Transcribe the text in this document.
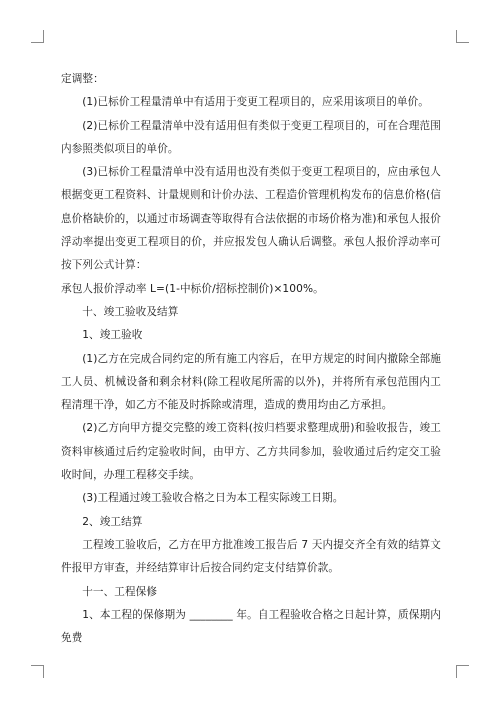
定调整：

(1)已标价工程量清单中有适用于变更工程项目的，应采用该项目的单价。

(2)已标价工程量清单中没有适用但有类似于变更工程项目的，可在合理范围内参照类似项目的单价。

(3)已标价工程量清单中没有适用也没有类似于变更工程项目的，应由承包人根据变更工程资料、计量规则和计价办法、工程造价管理机构发布的信息价格(信息价格缺价的，以通过市场调查等取得有合法依据的市场价格为准)和承包人报价浮动率提出变更工程项目的价，并应报发包人确认后调整。承包人报价浮动率可按下列公式计算：

承包人报价浮动率 L=(1-中标价/招标控制价)×100%。

十、竣工验收及结算

1、竣工验收

(1)乙方在完成合同约定的所有施工内容后，在甲方规定的时间内撤除全部施工人员、机械设备和剩余材料(除工程收尾所需的以外)，并将所有承包范围内工程清理干净，如乙方不能及时拆除或清理，造成的费用均由乙方承担。

(2)乙方向甲方提交完整的竣工资料(按归档要求整理成册)和验收报告，竣工资料审核通过后约定验收时间，由甲方、乙方共同参加，验收通过后约定交工验收时间，办理工程移交手续。

(3)工程通过竣工验收合格之日为本工程实际竣工日期。

2、竣工结算

工程竣工验收后，乙方在甲方批准竣工报告后 7 天内提交齐全有效的结算文件报甲方审查，并经结算审计后按合同约定支付结算价款。

十一、工程保修

1、本工程的保修期为 ________ 年。自工程验收合格之日起计算，质保期内免费
